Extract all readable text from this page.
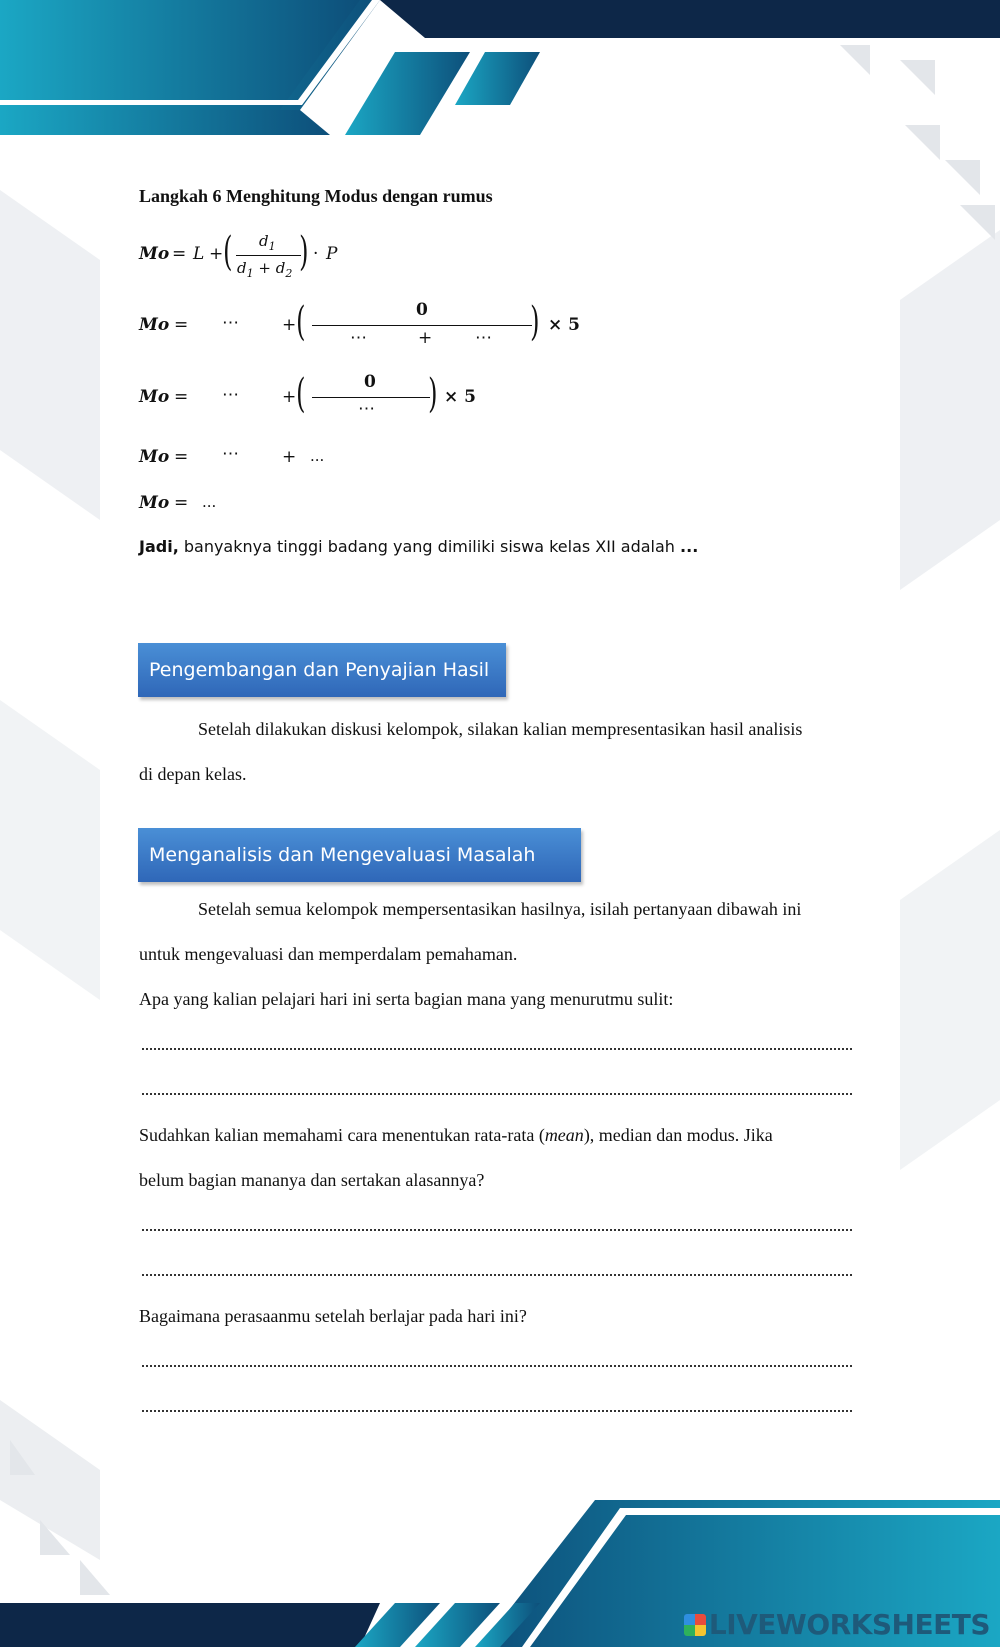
Langkah 6 Menghitung Modus dengan rumus
Mo = L + ( $d_1$
$d_1 + d_2$ ) · P
Mo = ⋯	+ (	0
⋯	+	⋯ ) × 5
Mo = ⋯	+ (	0
⋯ ) × 5
Mo = ⋯	+ ...
Mo = ...
Jadi, banyaknya tinggi badang yang dimiliki siswa kelas XII adalah ...
Pengembangan dan Penyajian Hasil
Setelah dilakukan diskusi kelompok, silakan kalian mempresentasikan hasil analisis
di depan kelas.
Menganalisis dan Mengevaluasi Masalah
Setelah semua kelompok mempersentasikan hasilnya, isilah pertanyaan dibawah ini
untuk mengevaluasi dan memperdalam pemahaman.
Apa yang kalian pelajari hari ini serta bagian mana yang menurutmu sulit:
Sudahkan kalian memahami cara menentukan rata-rata (mean), median dan modus. Jika
belum bagian mananya dan sertakan alasannya?
Bagaimana perasaanmu setelah berlajar pada hari ini?
LIVEWORKSHEETS
